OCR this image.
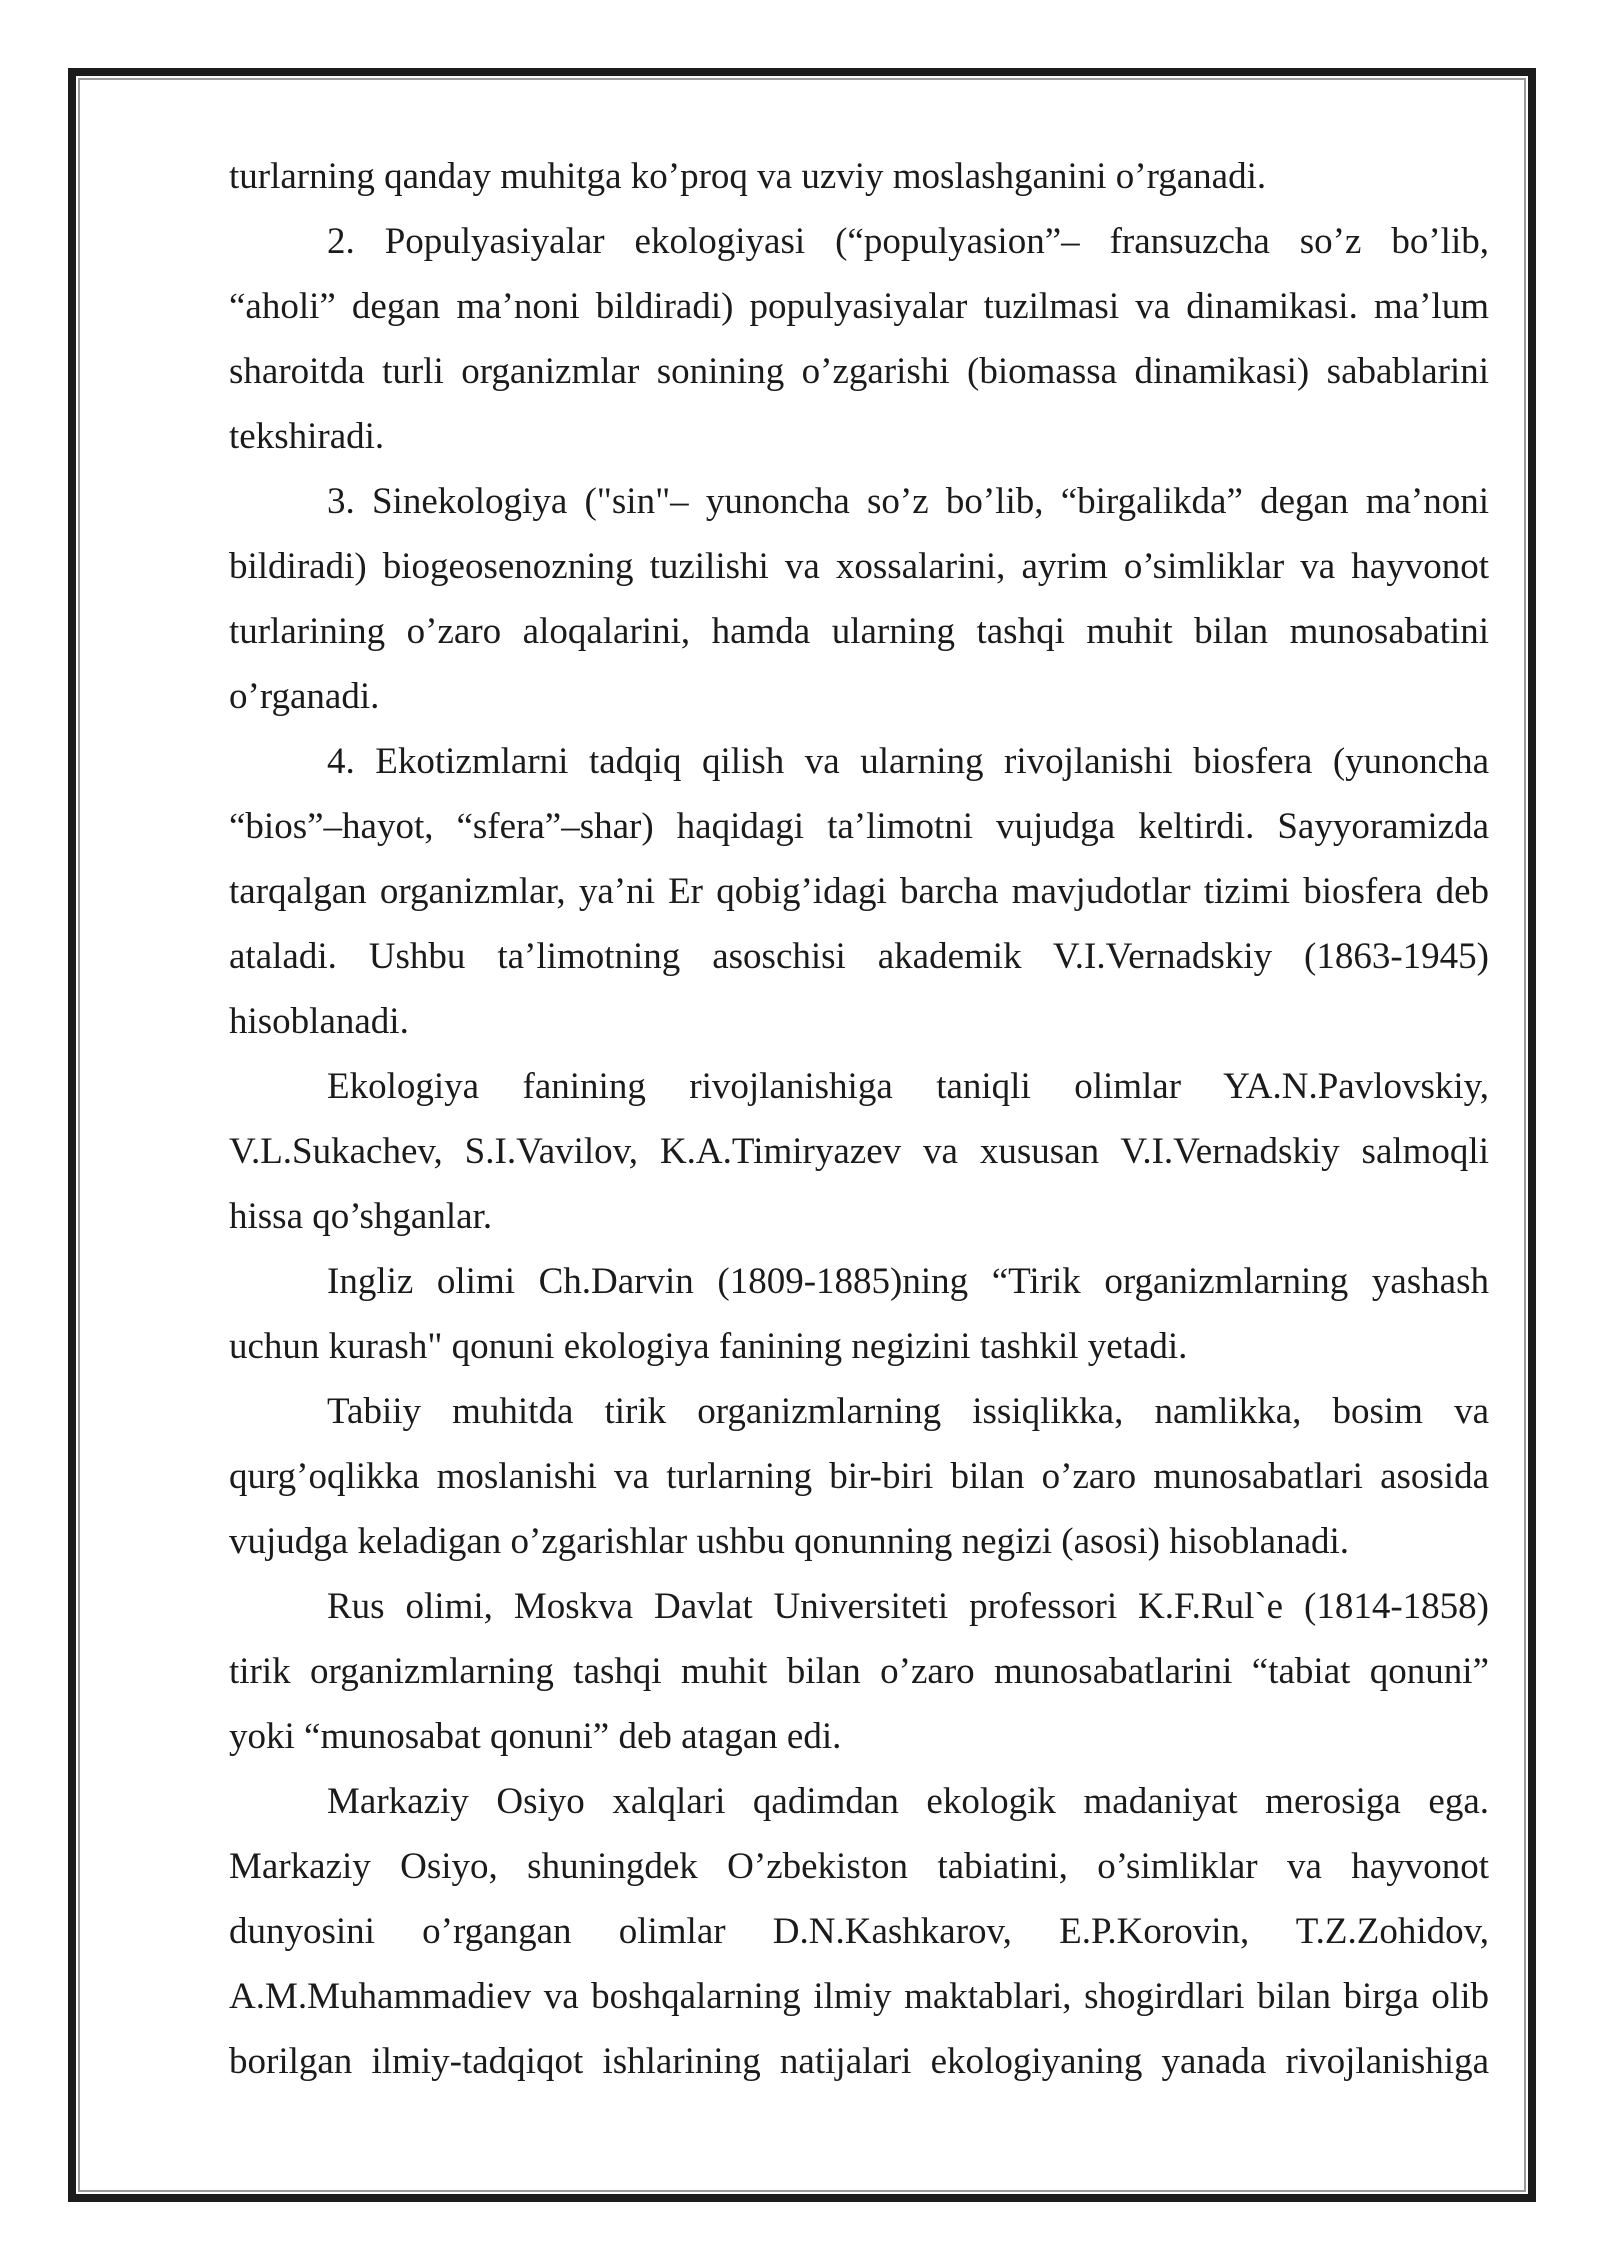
turlarning qanday muhitga ko’proq va uzviy moslashganini o’rganadi.
2. Populyasiyalar ekologiyasi (“populyasion”– fransuzcha so’z bo’lib,
“aholi” degan ma’noni bildiradi) populyasiyalar tuzilmasi va dinamikasi. ma’lum
sharoitda turli organizmlar sonining o’zgarishi (biomassa dinamikasi) sabablarini
tekshiradi.
3. Sinekologiya ("sin"– yunoncha so’z bo’lib, “birgalikda” degan ma’noni
bildiradi) biogeosenozning tuzilishi va xossalarini, ayrim o’simliklar va hayvonot
turlarining o’zaro aloqalarini, hamda ularning tashqi muhit bilan munosabatini
o’rganadi.
4. Ekotizmlarni tadqiq qilish va ularning rivojlanishi biosfera (yunoncha
“bios”–hayot, “sfera”–shar) haqidagi ta’limotni vujudga keltirdi. Sayyoramizda
tarqalgan organizmlar, ya’ni Er qobig’idagi barcha mavjudotlar tizimi biosfera deb
ataladi. Ushbu ta’limotning asoschisi akademik V.I.Vernadskiy (1863-1945)
hisoblanadi.
Ekologiya fanining rivojlanishiga taniqli olimlar YA.N.Pavlovskiy,
V.L.Sukachev, S.I.Vavilov, K.A.Timiryazev va xususan V.I.Vernadskiy salmoqli
hissa qo’shganlar.
Ingliz olimi Ch.Darvin (1809-1885)ning “Tirik organizmlarning yashash
uchun kurash" qonuni ekologiya fanining negizini tashkil yetadi.
Tabiiy muhitda tirik organizmlarning issiqlikka, namlikka, bosim va
qurg’oqlikka moslanishi va turlarning bir-biri bilan o’zaro munosabatlari asosida
vujudga keladigan o’zgarishlar ushbu qonunning negizi (asosi) hisoblanadi.
Rus olimi, Moskva Davlat Universiteti professori K.F.Rul`e (1814-1858)
tirik organizmlarning tashqi muhit bilan o’zaro munosabatlarini “tabiat qonuni”
yoki “munosabat qonuni” deb atagan edi.
Markaziy Osiyo xalqlari qadimdan ekologik madaniyat merosiga ega.
Markaziy Osiyo, shuningdek O’zbekiston tabiatini, o’simliklar va hayvonot
dunyosini o’rgangan olimlar D.N.Kashkarov, E.P.Korovin, T.Z.Zohidov,
A.M.Muhammadiev va boshqalarning ilmiy maktablari, shogirdlari bilan birga olib
borilgan ilmiy-tadqiqot ishlarining natijalari ekologiyaning yanada rivojlanishiga
